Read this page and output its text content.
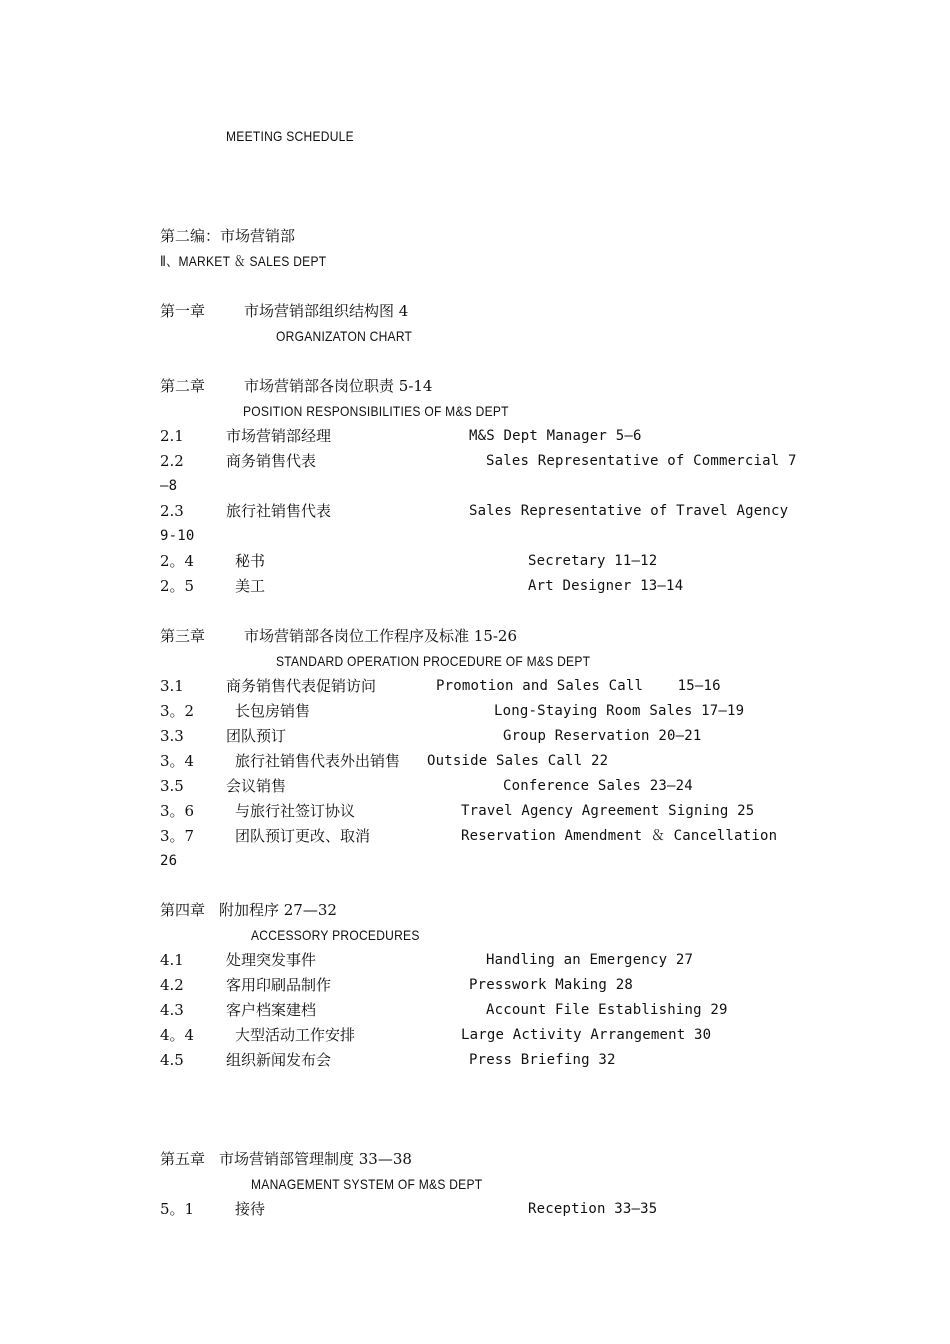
MEETING SCHEDULE
第二编：市场营销部
Ⅱ、MARKET ＆ SALES DEPT
第一章	市场营销部组织结构图 4
ORGANIZATON CHART
第二章	市场营销部各岗位职责 5-14
POSITION RESPONSIBILITIES OF M&S DEPT
2.1	市场营销部经理	M&S Dept Manager 5—6
2.2	商务销售代表	Sales Representative of Commercial 7
—8
2.3	旅行社销售代表	Sales Representative of Travel Agency
9-10
2。4	秘书	Secretary 11—12
2。5	美工	Art Designer 13—14
第三章	市场营销部各岗位工作程序及标准 15-26
STANDARD OPERATION PROCEDURE OF M&S DEPT
3.1	商务销售代表促销访问	Promotion and Sales Call    15—16
3。2	长包房销售	Long-Staying Room Sales 17—19
3.3	团队预订	Group Reservation 20—21
3。4	旅行社销售代表外出销售 Outside Sales Call 22
3.5	会议销售	Conference Sales 23—24
3。6	与旅行社签订协议	Travel Agency Agreement Signing 25
3。7	团队预订更改、取消	Reservation Amendment ＆ Cancellation
26
第四章 附加程序 27—32
ACCESSORY PROCEDURES
4.1	处理突发事件	Handling an Emergency 27
4.2	客用印刷品制作	Presswork Making 28
4.3	客户档案建档	Account File Establishing 29
4。4	大型活动工作安排	Large Activity Arrangement 30
4.5	组织新闻发布会	Press Briefing 32
第五章 市场营销部管理制度 33—38
MANAGEMENT SYSTEM OF M&S DEPT
5。1	接待	Reception 33—35
